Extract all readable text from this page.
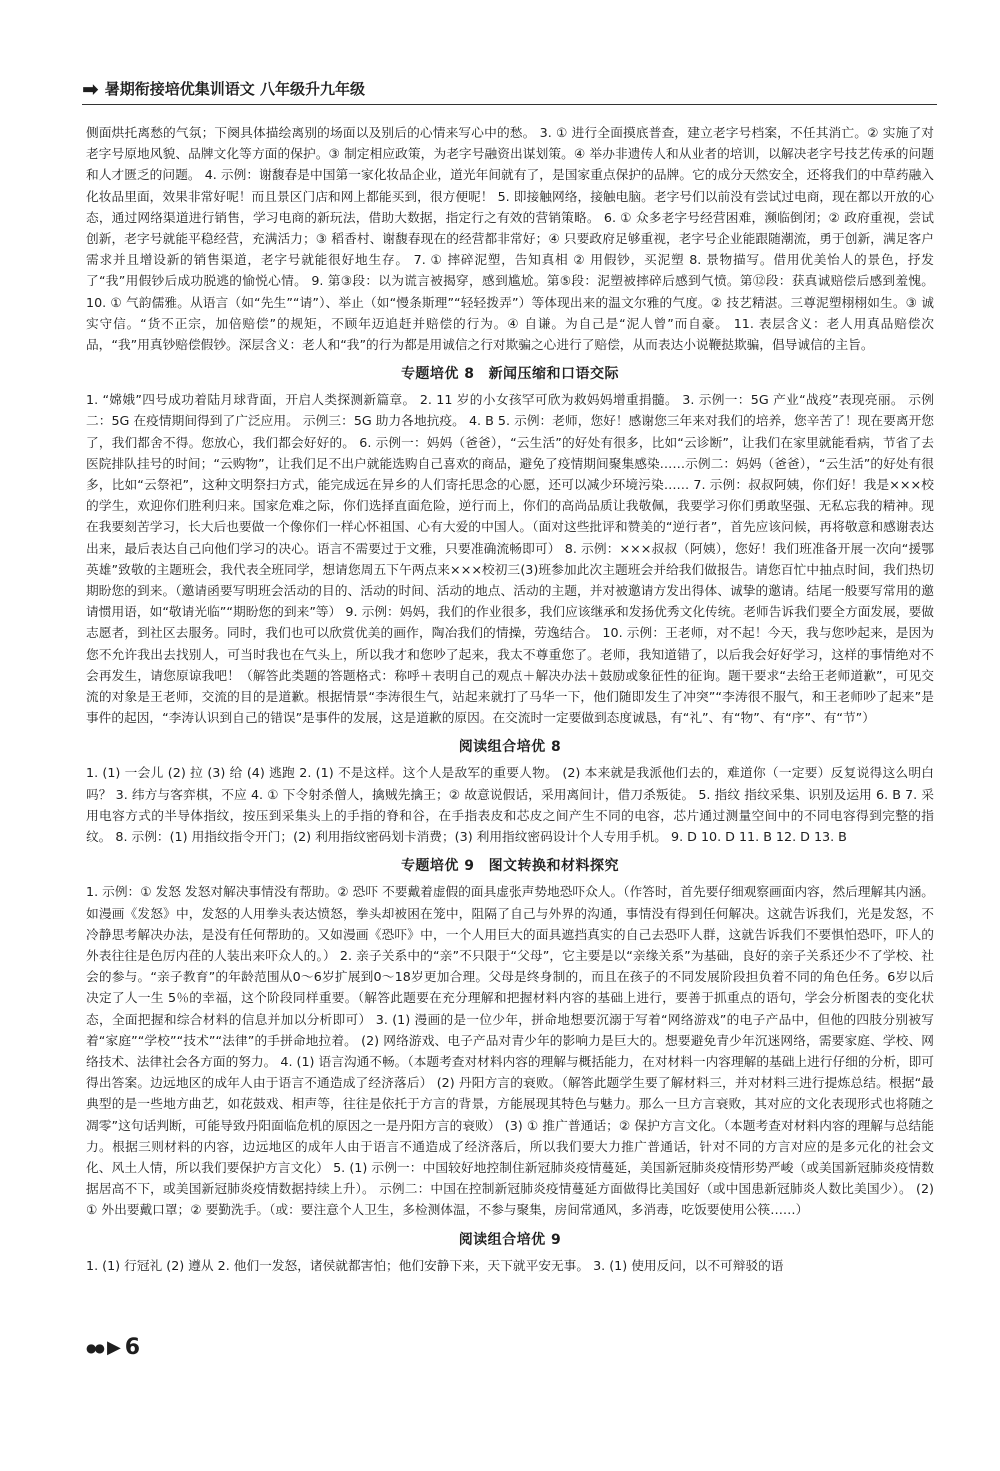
➡ 暑期衔接培优集训语文 八年级升九年级

侧面烘托离愁的气氛；下阕具体描绘离别的场面以及别后的心情来写心中的愁。 3. ① 进行全面摸底普查，建立老字号档案，不任其消亡。② 实施了对老字号原地风貌、品牌文化等方面的保护。③ 制定相应政策，为老字号融资出谋划策。④ 举办非遗传人和从业者的培训，以解决老字号技艺传承的问题和人才匮乏的问题。 4. 示例：谢馥春是中国第一家化妆品企业，道光年间就有了，是国家重点保护的品牌。它的成分天然安全，还将我们的中草药融入化妆品里面，效果非常好呢！而且景区门店和网上都能买到，很方便呢！ 5. 即接触网络，接触电脑。老字号们以前没有尝试过电商，现在都以开放的心态，通过网络渠道进行销售，学习电商的新玩法，借助大数据，指定行之有效的营销策略。 6. ① 众多老字号经营困难，濒临倒闭；② 政府重视，尝试创新，老字号就能平稳经营，充满活力；③ 稻香村、谢馥春现在的经营都非常好；④ 只要政府足够重视，老字号企业能跟随潮流，勇于创新，满足客户需求并且增设新的销售渠道，老字号就能很好地生存。 7. ① 摔碎泥塑，告知真相 ② 用假钞，买泥塑 8. 景物描写。借用优美怡人的景色，抒发了“我”用假钞后成功脱逃的愉悦心情。 9. 第③段：以为谎言被揭穿，感到尴尬。第⑤段：泥塑被摔碎后感到气愤。第⑫段：获真诚赔偿后感到羞愧。 10. ① 气韵儒雅。从语言（如“先生”“请”）、举止（如“慢条斯理”“轻轻拨弄”）等体现出来的温文尔雅的气度。② 技艺精湛。三尊泥塑栩栩如生。③ 诚实守信。“货不正宗，加倍赔偿”的规矩，不顾年迈追赶并赔偿的行为。④ 自谦。为自己是“泥人曾”而自豪。 11. 表层含义：老人用真品赔偿次品，“我”用真钞赔偿假钞。深层含义：老人和“我”的行为都是用诚信之行对欺骗之心进行了赔偿，从而表达小说鞭挞欺骗，倡导诚信的主旨。

专题培优 8 新闻压缩和口语交际

1. “嫦娥”四号成功着陆月球背面，开启人类探测新篇章。 2. 11 岁的小女孩罕可欣为救妈妈增重捐髓。 3. 示例一：5G 产业“战疫”表现亮丽。 示例二：5G 在疫情期间得到了广泛应用。 示例三：5G 助力各地抗疫。 4. B 5. 示例：老师，您好！感谢您三年来对我们的培养，您辛苦了！现在要离开您了，我们都舍不得。您放心，我们都会好好的。 6. 示例一：妈妈（爸爸），“云生活”的好处有很多，比如“云诊断”，让我们在家里就能看病，节省了去医院排队挂号的时间；“云购物”，让我们足不出户就能选购自己喜欢的商品，避免了疫情期间聚集感染……示例二：妈妈（爸爸），“云生活”的好处有很多，比如“云祭祀”，这种文明祭扫方式，能完成远在异乡的人们寄托思念的心愿，还可以减少环境污染…… 7. 示例：叔叔阿姨，你们好！我是×××校的学生，欢迎你们胜利归来。国家危难之际，你们选择直面危险，逆行而上，你们的高尚品质让我敬佩，我要学习你们勇敢坚强、无私忘我的精神。现在我要刻苦学习，长大后也要做一个像你们一样心怀祖国、心有大爱的中国人。（面对这些批评和赞美的“逆行者”，首先应该问候，再将敬意和感谢表达出来，最后表达自己向他们学习的决心。语言不需要过于文雅，只要准确流畅即可） 8. 示例：×××叔叔（阿姨），您好！我们班准备开展一次向“援鄂英雄”致敬的主题班会，我代表全班同学，想请您周五下午两点来×××校初三(3)班参加此次主题班会并给我们做报告。请您百忙中抽点时间，我们热切期盼您的到来。（邀请函要写明班会活动的目的、活动的时间、活动的地点、活动的主题，并对被邀请方发出得体、诚挚的邀请。结尾一般要写常用的邀请惯用语，如“敬请光临”“期盼您的到来”等） 9. 示例：妈妈，我们的作业很多，我们应该继承和发扬优秀文化传统。老师告诉我们要全方面发展，要做志愿者，到社区去服务。同时，我们也可以欣赏优美的画作，陶冶我们的情操，劳逸结合。 10. 示例：王老师，对不起！今天，我与您吵起来，是因为您不允许我出去找别人，可当时我也在气头上，所以我才和您吵了起来，我太不尊重您了。老师，我知道错了，以后我会好好学习，这样的事情绝对不会再发生，请您原谅我吧！（解答此类题的答题格式：称呼＋表明自己的观点＋解决办法＋鼓励或象征性的征询。题干要求“去给王老师道歉”，可见交流的对象是王老师，交流的目的是道歉。根据情景“李涛很生气，站起来就打了马华一下，他们随即发生了冲突”“李涛很不服气，和王老师吵了起来”是事件的起因，“李涛认识到自己的错误”是事件的发展，这是道歉的原因。在交流时一定要做到态度诚恳，有“礼”、有“物”、有“序”、有“节”）

阅读组合培优 8

1. (1) 一会儿 (2) 拉 (3) 给 (4) 逃跑 2. (1) 不是这样。这个人是敌军的重要人物。 (2) 本来就是我派他们去的，难道你（一定要）反复说得这么明白吗？ 3. 纬方与客弈棋，不应 4. ① 下令射杀僧人，擒贼先擒王；② 故意说假话，采用离间计，借刀杀叛徒。 5. 指纹 指纹采集、识别及运用 6. B 7. 采用电容方式的半导体指纹，按压到采集头上的手指的脊和谷，在手指表皮和芯皮之间产生不同的电容，芯片通过测量空间中的不同电容得到完整的指纹。 8. 示例：(1) 用指纹指令开门；(2) 利用指纹密码划卡消费；(3) 利用指纹密码设计个人专用手机。 9. D 10. D 11. B 12. D 13. B

专题培优 9 图文转换和材料探究

1. 示例：① 发怒 发怒对解决事情没有帮助。② 恐吓 不要戴着虚假的面具虚张声势地恐吓众人。（作答时，首先要仔细观察画面内容，然后理解其内涵。如漫画《发怒》中，发怒的人用拳头表达愤怒，拳头却被困在笼中，阻隔了自己与外界的沟通，事情没有得到任何解决。这就告诉我们，光是发怒，不冷静思考解决办法，是没有任何帮助的。又如漫画《恐吓》中，一个人用巨大的面具遮挡真实的自己去恐吓人群，这就告诉我们不要惧怕恐吓，吓人的外表往往是色厉内荏的人装出来吓众人的。） 2. 亲子关系中的“亲”不只限于“父母”，它主要是以“亲缘关系”为基础，良好的亲子关系还少不了学校、社会的参与。“亲子教育”的年龄范围从0～6岁扩展到0～18岁更加合理。父母是终身制的，而且在孩子的不同发展阶段担负着不同的角色任务。6岁以后决定了人一生 5％的幸福，这个阶段同样重要。（解答此题要在充分理解和把握材料内容的基础上进行，要善于抓重点的语句，学会分析图表的变化状态，全面把握和综合材料的信息并加以分析即可） 3. (1) 漫画的是一位少年，拼命地想要沉溺于写着“网络游戏”的电子产品中，但他的四肢分别被写着“家庭”“学校”“技术”“法律”的手拼命地拉着。 (2) 网络游戏、电子产品对青少年的影响力是巨大的。想要避免青少年沉迷网络，需要家庭、学校、网络技术、法律社会各方面的努力。 4. (1) 语言沟通不畅。（本题考查对材料内容的理解与概括能力，在对材料一内容理解的基础上进行仔细的分析，即可得出答案。边远地区的成年人由于语言不通造成了经济落后） (2) 丹阳方言的衰败。（解答此题学生要了解材料三，并对材料三进行提炼总结。根据“最典型的是一些地方曲艺，如花鼓戏、相声等，往往是依托于方言的背景，方能展现其特色与魅力。那么一旦方言衰败，其对应的文化表现形式也将随之凋零”这句话判断，可能导致丹阳面临危机的原因之一是丹阳方言的衰败） (3) ① 推广普通话；② 保护方言文化。（本题考查对材料内容的理解与总结能力。根据三则材料的内容，边远地区的成年人由于语言不通造成了经济落后，所以我们要大力推广普通话，针对不同的方言对应的是多元化的社会文化、风土人情，所以我们要保护方言文化） 5. (1) 示例一：中国较好地控制住新冠肺炎疫情蔓延，美国新冠肺炎疫情形势严峻（或美国新冠肺炎疫情数据居高不下，或美国新冠肺炎疫情数据持续上升）。 示例二：中国在控制新冠肺炎疫情蔓延方面做得比美国好（或中国患新冠肺炎人数比美国少）。 (2) ① 外出要戴口罩；② 要勤洗手。（或：要注意个人卫生，多检测体温，不参与聚集，房间常通风，多消毒，吃饭要使用公筷……）

阅读组合培优 9

1. (1) 行冠礼 (2) 遵从 2. 他们一发怒，诸侯就都害怕；他们安静下来，天下就平安无事。 3. (1) 使用反问，以不可辩驳的语

●● ▶ 6
